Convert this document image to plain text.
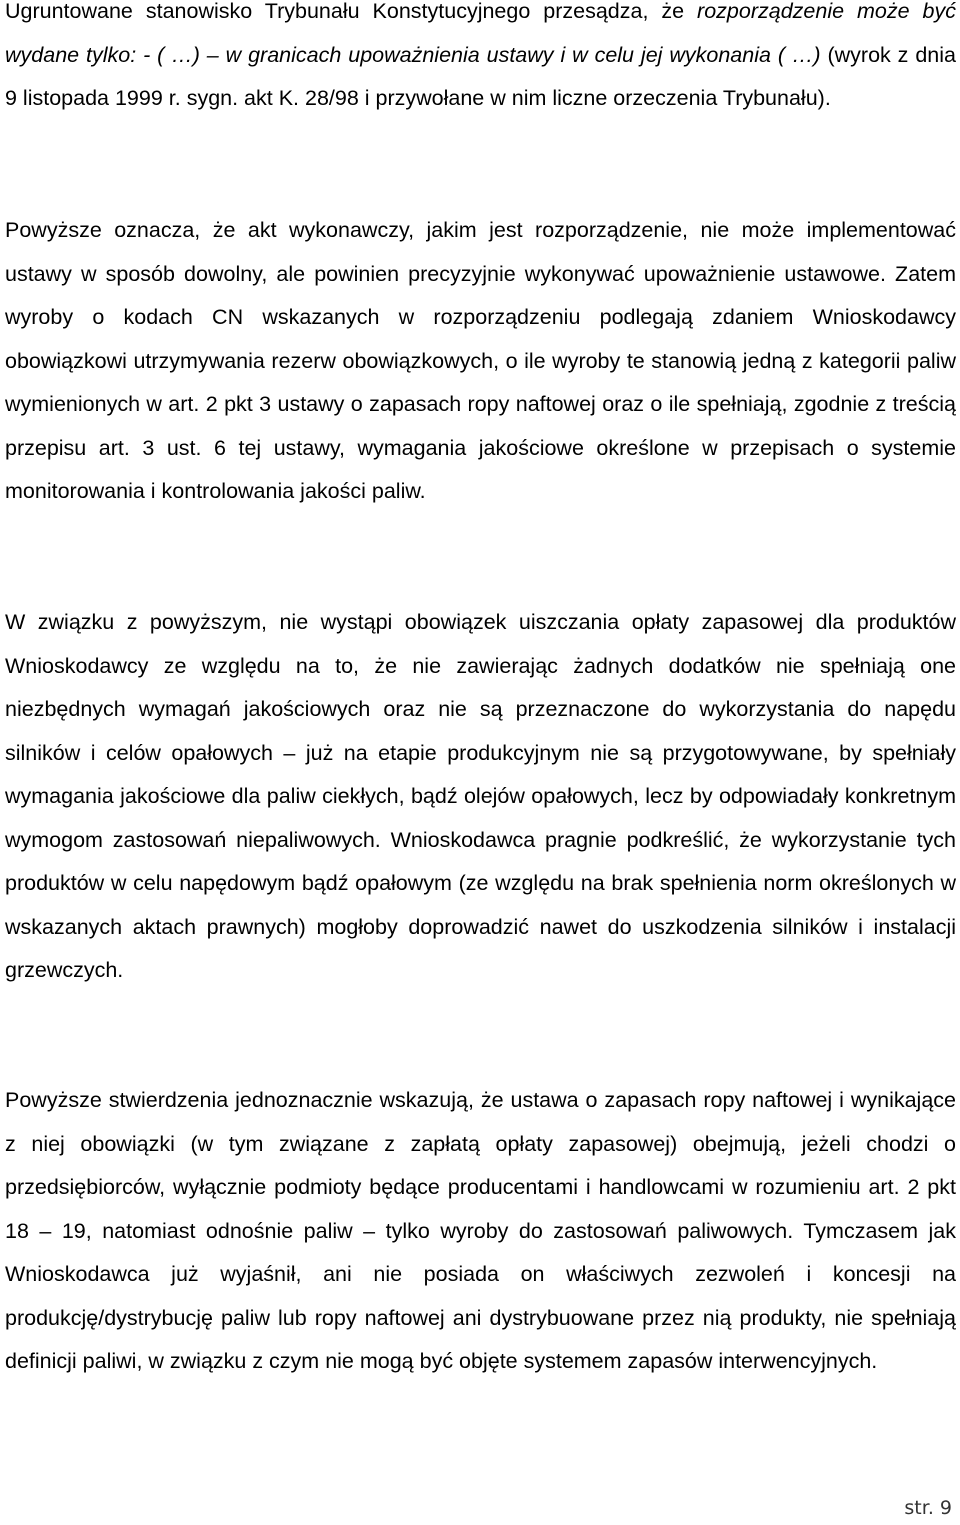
Ugruntowane stanowisko Trybunału Konstytucyjnego przesądza, że rozporządzenie może być wydane tylko: - ( …) – w granicach upoważnienia ustawy i w celu jej wykonania ( …) (wyrok z dnia 9 listopada 1999 r. sygn. akt K. 28/98 i przywołane w nim liczne orzeczenia Trybunału).

Powyższe oznacza, że akt wykonawczy, jakim jest rozporządzenie, nie może implementować ustawy w sposób dowolny, ale powinien precyzyjnie wykonywać upoważnienie ustawowe. Zatem wyroby o kodach CN wskazanych w rozporządzeniu podlegają zdaniem Wnioskodawcy obowiązkowi utrzymywania rezerw obowiązkowych, o ile wyroby te stanowią jedną z kategorii paliw wymienionych w art. 2 pkt 3 ustawy o zapasach ropy naftowej oraz o ile spełniają, zgodnie z treścią przepisu art. 3 ust. 6 tej ustawy, wymagania jakościowe określone w przepisach o systemie monitorowania i kontrolowania jakości paliw.

W związku z powyższym, nie wystąpi obowiązek uiszczania opłaty zapasowej dla produktów Wnioskodawcy ze względu na to, że nie zawierając żadnych dodatków nie spełniają one niezbędnych wymagań jakościowych oraz nie są przeznaczone do wykorzystania do napędu silników i celów opałowych – już na etapie produkcyjnym nie są przygotowywane, by spełniały wymagania jakościowe dla paliw ciekłych, bądź olejów opałowych, lecz by odpowiadały konkretnym wymogom zastosowań niepaliwowych. Wnioskodawca pragnie podkreślić, że wykorzystanie tych produktów w celu napędowym bądź opałowym (ze względu na brak spełnienia norm określonych w wskazanych aktach prawnych) mogłoby doprowadzić nawet do uszkodzenia silników i instalacji grzewczych.

Powyższe stwierdzenia jednoznacznie wskazują, że ustawa o zapasach ropy naftowej i wynikające z niej obowiązki (w tym związane z zapłatą opłaty zapasowej) obejmują, jeżeli chodzi o przedsiębiorców, wyłącznie podmioty będące producentami i handlowcami w rozumieniu art. 2 pkt 18 – 19, natomiast odnośnie paliw – tylko wyroby do zastosowań paliwowych. Tymczasem jak Wnioskodawca już wyjaśnił, ani nie posiada on właściwych zezwoleń i koncesji na produkcję/dystrybucję paliw lub ropy naftowej ani dystrybuowane przez nią produkty, nie spełniają definicji paliwi, w związku z czym nie mogą być objęte systemem zapasów interwencyjnych.

str. 9
